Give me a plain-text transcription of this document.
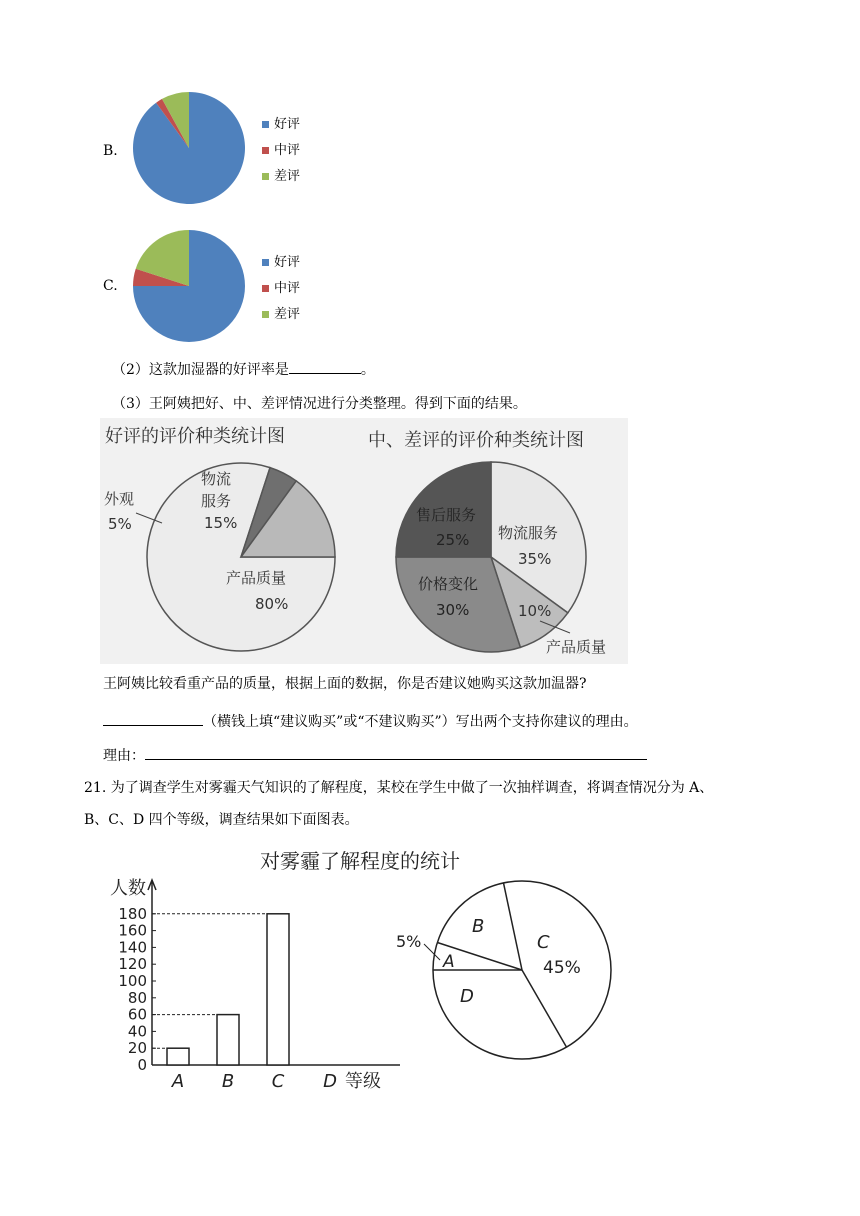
B.
好评
中评
差评
C.
好评
中评
差评
（2）这款加湿器的好评率是	。
（3）王阿姨把好、中、差评情况进行分类整理。得到下面的结果。
好评的评价种类统计图	中、差评的评价种类统计图
外观
5%
物流
服务
15%
产品质量
80%
售后服务
25% 物流服务
35%
价格变化
30%	10%
产品质量
王阿姨比较看重产品的质量，根据上面的数据，你是否建议她购买这款加温器?
（横钱上填“建议购买”或“不建议购买”）写出两个支持你建议的理由。
理由：
21. 为了调查学生对雾霾天气知识的了解程度，某校在学生中做了一次抽样调查，将调查情况分为 A、
B、C、D 四个等级，调查结果如下面图表。
对雾霾了解程度的统计
人数
0
20
40
60
80
100
120
140
160
180
A B C D 等级
A
5%
B
C
45%
D
